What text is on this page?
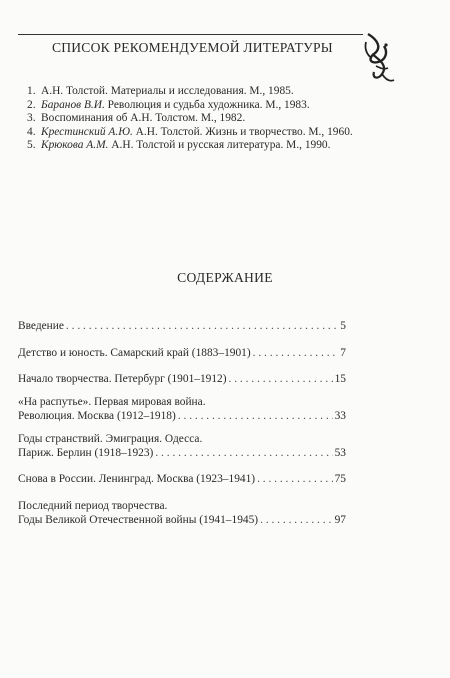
СПИСОК РЕКОМЕНДУЕМОЙ ЛИТЕРАТУРЫ
1. А.Н. Толстой. Материалы и исследования. М., 1985.
2. Баранов В.И. Революция и судьба художника. М., 1983.
3. Воспоминания об А.Н. Толстом. М., 1982.
4. Крестинский А.Ю. А.Н. Толстой. Жизнь и творчество. М., 1960.
5. Крюкова А.М. А.Н. Толстой и русская литература. М., 1990.
СОДЕРЖАНИЕ
Введение . . .	5
Детство и юность. Самарский край (1883–1901) . . .	7
Начало творчества. Петербург (1901–1912) . . .	15
«На распутье». Первая мировая война.
Революция. Москва (1912–1918) . . .	33
Годы странствий. Эмиграция. Одесса.
Париж. Берлин (1918–1923) . . .	53
Снова в России. Ленинград. Москва (1923–1941) . . .	75
Последний период творчества.
Годы Великой Отечественной войны (1941–1945) . . .	97
